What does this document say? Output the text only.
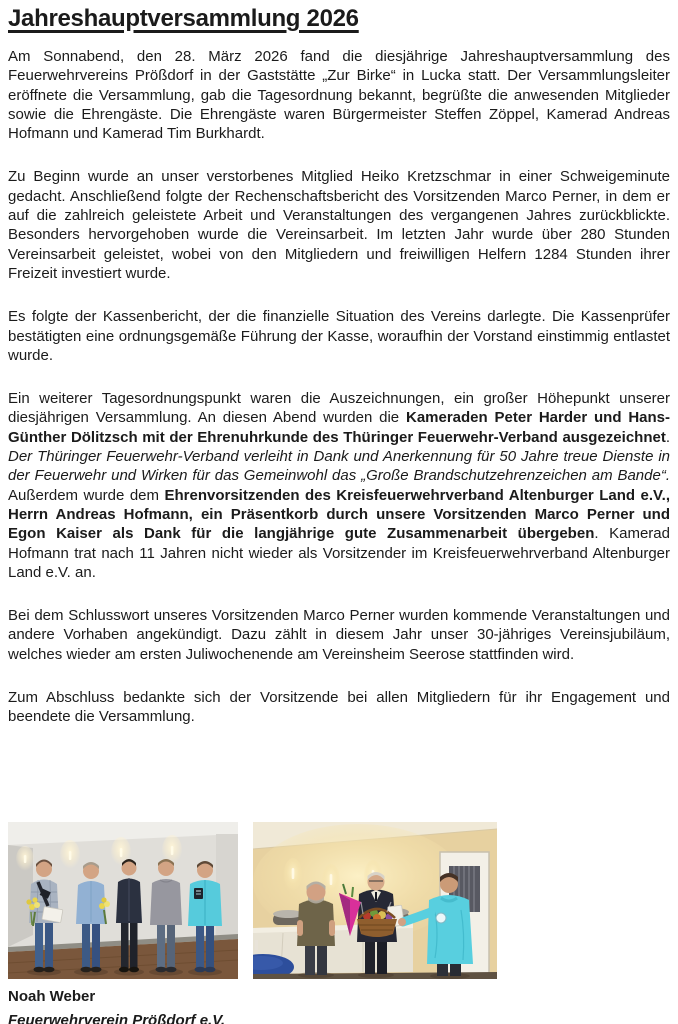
Jahreshauptversammlung 2026

Am Sonnabend, den 28. März 2026 fand die diesjährige Jahreshauptversammlung des Feuerwehrvereins Prößdorf in der Gaststätte „Zur Birke“ in Lucka statt. Der Versammlungsleiter eröffnete die Versammlung, gab die Tagesordnung bekannt, begrüßte die anwesenden Mitglieder sowie die Ehrengäste. Die Ehrengäste waren Bürgermeister Steffen Zöppel, Kamerad Andreas Hofmann und Kamerad Tim Burkhardt.

Zu Beginn wurde an unser verstorbenes Mitglied Heiko Kretzschmar in einer Schweigeminute gedacht. Anschließend folgte der Rechenschaftsbericht des Vorsitzenden Marco Perner, in dem er auf die zahlreich geleistete Arbeit und Veranstaltungen des vergangenen Jahres zurückblickte. Besonders hervorgehoben wurde die Vereinsarbeit. Im letzten Jahr wurde über 280 Stunden Vereinsarbeit geleistet, wobei von den Mitgliedern und freiwilligen Helfern 1284 Stunden ihrer Freizeit investiert wurde.

Es folgte der Kassenbericht, der die finanzielle Situation des Vereins darlegte. Die Kassenprüfer bestätigten eine ordnungsgemäße Führung der Kasse, woraufhin der Vorstand einstimmig entlastet wurde.

Ein weiterer Tagesordnungspunkt waren die Auszeichnungen, ein großer Höhepunkt unserer diesjährigen Versammlung. An diesen Abend wurden die Kameraden Peter Harder und Hans-Günther Dölitzsch mit der Ehrenuhrkunde des Thüringer Feuerwehr-Verband ausgezeichnet. Der Thüringer Feuerwehr-Verband verleiht in Dank und Anerkennung für 50 Jahre treue Dienste in der Feuerwehr und Wirken für das Gemeinwohl das „Große Brandschutzehrenzeichen am Bande“. Außerdem wurde dem Ehrenvorsitzenden des Kreisfeuerwehrverband Altenburger Land e.V., Herrn Andreas Hofmann, ein Präsentkorb durch unsere Vorsitzenden Marco Perner und Egon Kaiser als Dank für die langjährige gute Zusammenarbeit übergeben. Kamerad Hofmann trat nach 11 Jahren nicht wieder als Vorsitzender im Kreisfeuerwehrverband Altenburger Land e.V. an.

Bei dem Schlusswort unseres Vorsitzenden Marco Perner wurden kommende Veranstaltungen und andere Vorhaben angekündigt. Dazu zählt in diesem Jahr unser 30-jähriges Vereinsjubiläum, welches wieder am ersten Juliwochenende am Vereinsheim Seerose stattfinden wird.

Zum Abschluss bedankte sich der Vorsitzende bei allen Mitgliedern für ihr Engagement und beendete die Versammlung.

Noah Weber
Feuerwehrverein Prößdorf e.V.
